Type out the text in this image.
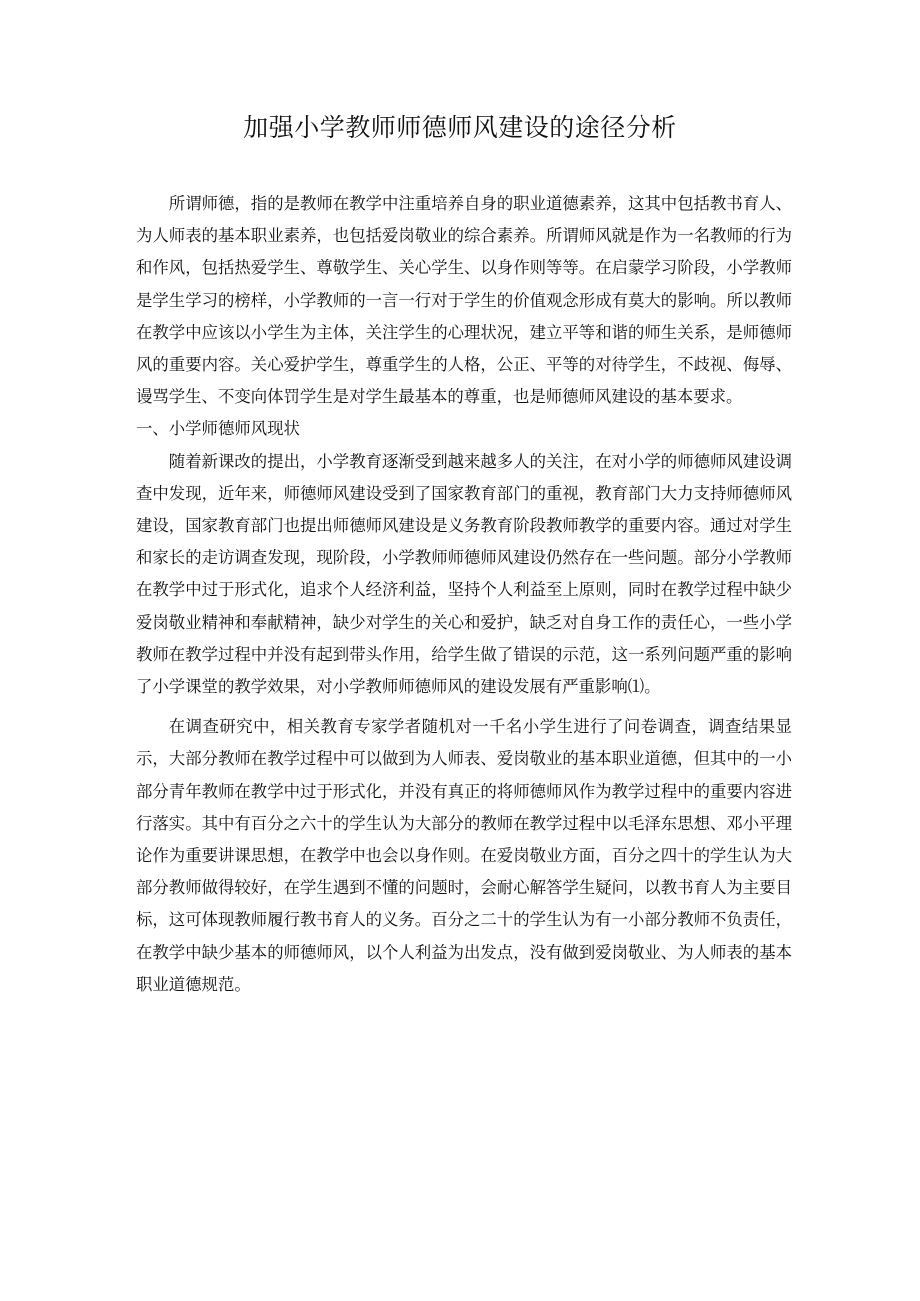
加强小学教师师德师风建设的途径分析

所谓师德，指的是教师在教学中注重培养自身的职业道德素养，这其中包括教书育人、为人师表的基本职业素养，也包括爱岗敬业的综合素养。所谓师风就是作为一名教师的行为和作风，包括热爱学生、尊敬学生、关心学生、以身作则等等。在启蒙学习阶段，小学教师是学生学习的榜样，小学教师的一言一行对于学生的价值观念形成有莫大的影响。所以教师在教学中应该以小学生为主体，关注学生的心理状况，建立平等和谐的师生关系，是师德师风的重要内容。关心爱护学生，尊重学生的人格，公正、平等的对待学生，不歧视、侮辱、谩骂学生、不变向体罚学生是对学生最基本的尊重，也是师德师风建设的基本要求。

一、小学师德师风现状

随着新课改的提出，小学教育逐渐受到越来越多人的关注，在对小学的师德师风建设调查中发现，近年来，师德师风建设受到了国家教育部门的重视，教育部门大力支持师德师风建设，国家教育部门也提出师德师风建设是义务教育阶段教师教学的重要内容。通过对学生和家长的走访调查发现，现阶段，小学教师师德师风建设仍然存在一些问题。部分小学教师在教学中过于形式化，追求个人经济利益，坚持个人利益至上原则，同时在教学过程中缺少爱岗敬业精神和奉献精神，缺少对学生的关心和爱护，缺乏对自身工作的责任心，一些小学教师在教学过程中并没有起到带头作用，给学生做了错误的示范，这一系列问题严重的影响了小学课堂的教学效果，对小学教师师德师风的建设发展有严重影响⑴。

在调查研究中，相关教育专家学者随机对一千名小学生进行了问卷调查，调查结果显示，大部分教师在教学过程中可以做到为人师表、爱岗敬业的基本职业道德，但其中的一小部分青年教师在教学中过于形式化，并没有真正的将师德师风作为教学过程中的重要内容进行落实。其中有百分之六十的学生认为大部分的教师在教学过程中以毛泽东思想、邓小平理论作为重要讲课思想，在教学中也会以身作则。在爱岗敬业方面，百分之四十的学生认为大部分教师做得较好，在学生遇到不懂的问题时，会耐心解答学生疑问，以教书育人为主要目标，这可体现教师履行教书育人的义务。百分之二十的学生认为有一小部分教师不负责任，在教学中缺少基本的师德师风，以个人利益为出发点，没有做到爱岗敬业、为人师表的基本职业道德规范。
